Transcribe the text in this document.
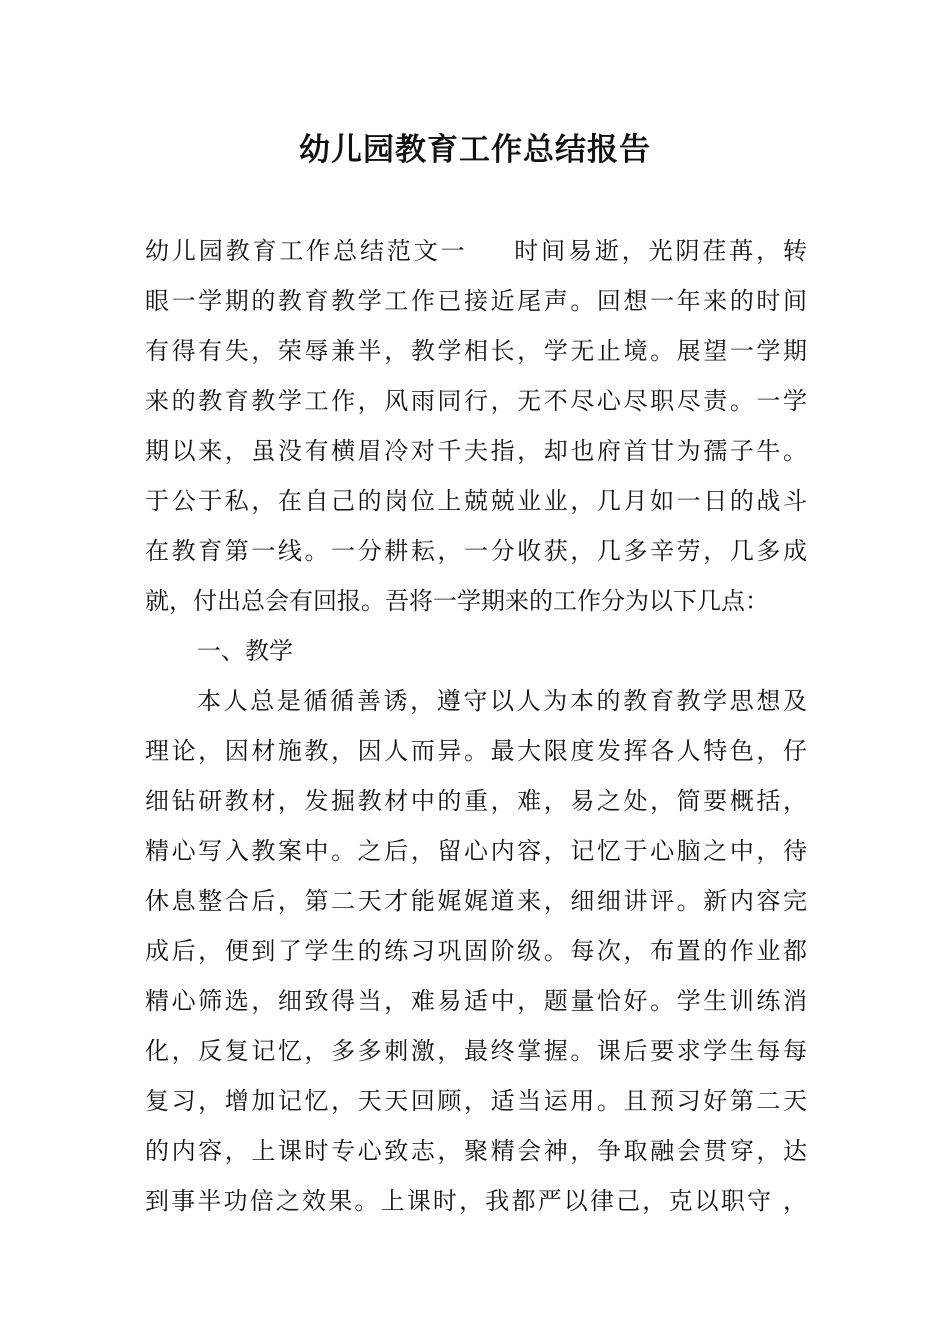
幼儿园教育工作总结报告
幼儿园教育工作总结范文一 时间易逝，光阴荏苒，转
眼一学期的教育教学工作已接近尾声。回想一年来的时间
有得有失，荣辱兼半，教学相长，学无止境。展望一学期
来的教育教学工作，风雨同行，无不尽心尽职尽责。一学
期以来，虽没有横眉冷对千夫指，却也府首甘为孺子牛。
于公于私，在自己的岗位上兢兢业业，几月如一日的战斗
在教育第一线。一分耕耘，一分收获，几多辛劳，几多成
就，付出总会有回报。吾将一学期来的工作分为以下几点：
一、教学
本人总是循循善诱，遵守以人为本的教育教学思想及
理论，因材施教，因人而异。最大限度发挥各人特色，仔
细钻研教材，发掘教材中的重，难，易之处，简要概括，
精心写入教案中。之后，留心内容，记忆于心脑之中，待
休息整合后，第二天才能娓娓道来，细细讲评。新内容完
成后，便到了学生的练习巩固阶级。每次，布置的作业都
精心筛选，细致得当，难易适中，题量恰好。学生训练消
化，反复记忆，多多刺激，最终掌握。课后要求学生每每
复习，增加记忆，天天回顾，适当运用。且预习好第二天
的内容，上课时专心致志，聚精会神，争取融会贯穿，达
到事半功倍之效果。上课时，我都严以律己，克以职守 ，
